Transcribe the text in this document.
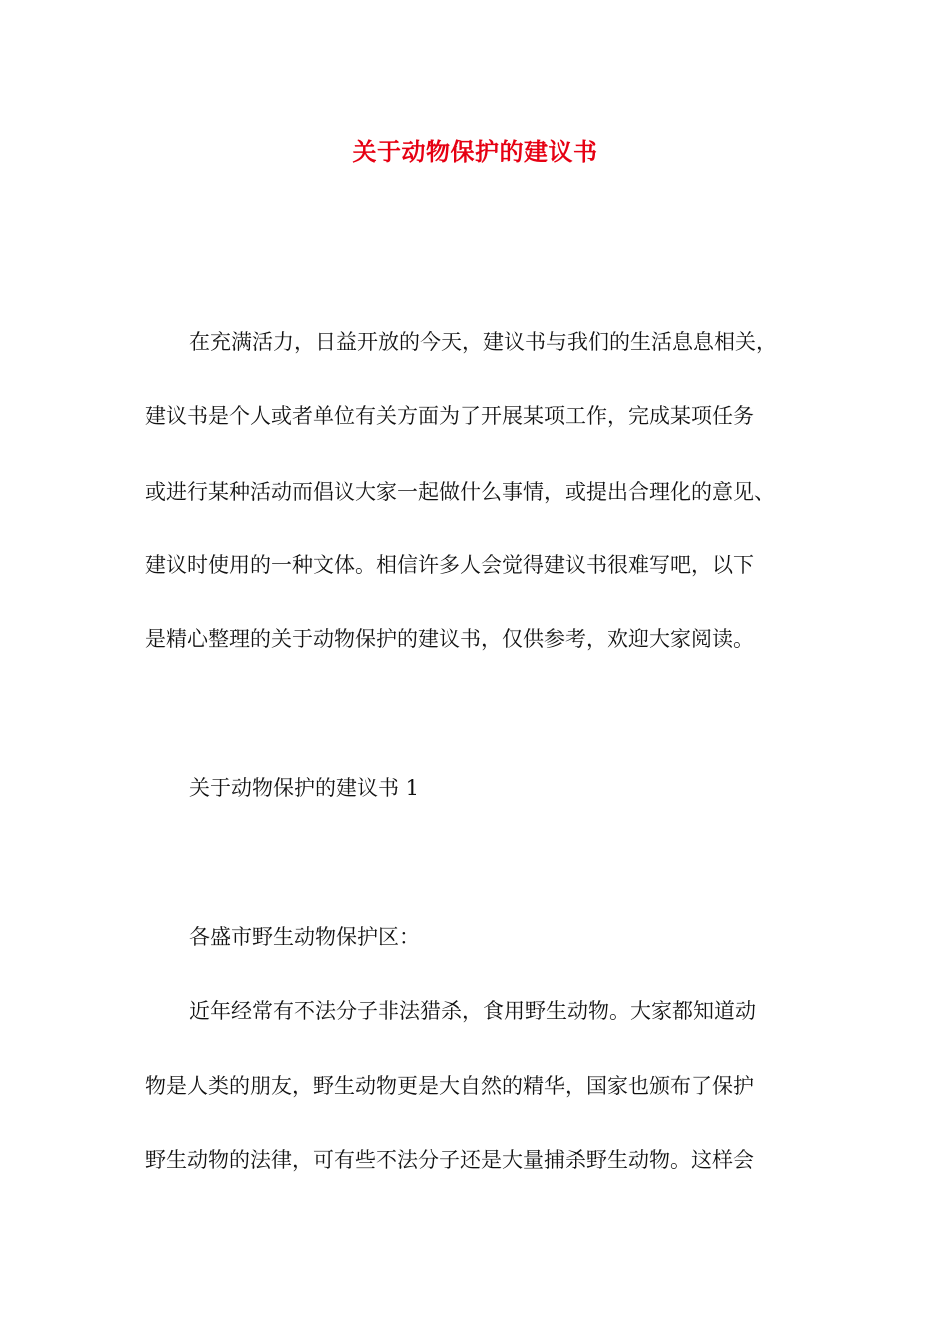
关于动物保护的建议书
在充满活力，日益开放的今天，建议书与我们的生活息息相关，
建议书是个人或者单位有关方面为了开展某项工作，完成某项任务
或进行某种活动而倡议大家一起做什么事情，或提出合理化的意见、
建议时使用的一种文体。相信许多人会觉得建议书很难写吧，以下
是精心整理的关于动物保护的建议书，仅供参考，欢迎大家阅读。
关于动物保护的建议书 1
各盛市野生动物保护区：
近年经常有不法分子非法猎杀，食用野生动物。大家都知道动
物是人类的朋友，野生动物更是大自然的精华，国家也颁布了保护
野生动物的法律，可有些不法分子还是大量捕杀野生动物。这样会
